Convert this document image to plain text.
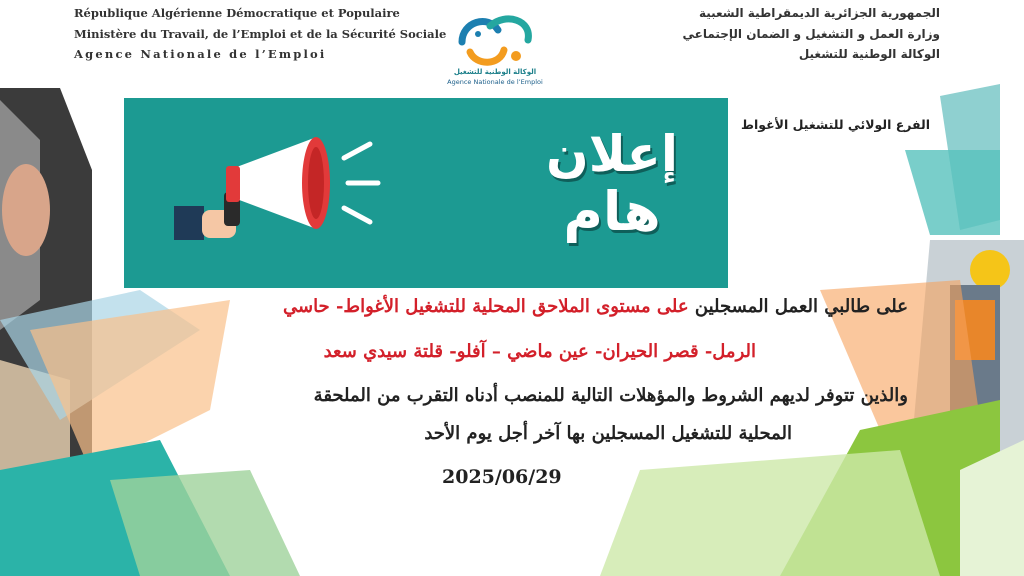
République Algérienne Démocratique et Populaire
Ministère du Travail, de l’Emploi et de la Sécurité Sociale
Agence Nationale de l’Emploi
الجمهورية الجزائرية الديمقراطية الشعبية
وزارة العمل و التشغيل و الضمان الإجتماعي
الوكالة الوطنية للتشغيل
الوكالة الوطنية للتشغيل
Agence Nationale de l’Emploi
الفرع الولائي للتشغيل الأغواط
إعلان
هام
على طالبي العمل المسجلين على مستوى الملاحق المحلية للتشغيل الأغواط- حاسي
الرمل- قصر الحيران- عين ماضي – آفلو- قلتة سيدي سعد
والذين تتوفر لديهم الشروط والمؤهلات التالية للمنصب أدناه التقرب من الملحقة
المحلية للتشغيل المسجلين بها آخر أجل يوم الأحد
2025/06/29
